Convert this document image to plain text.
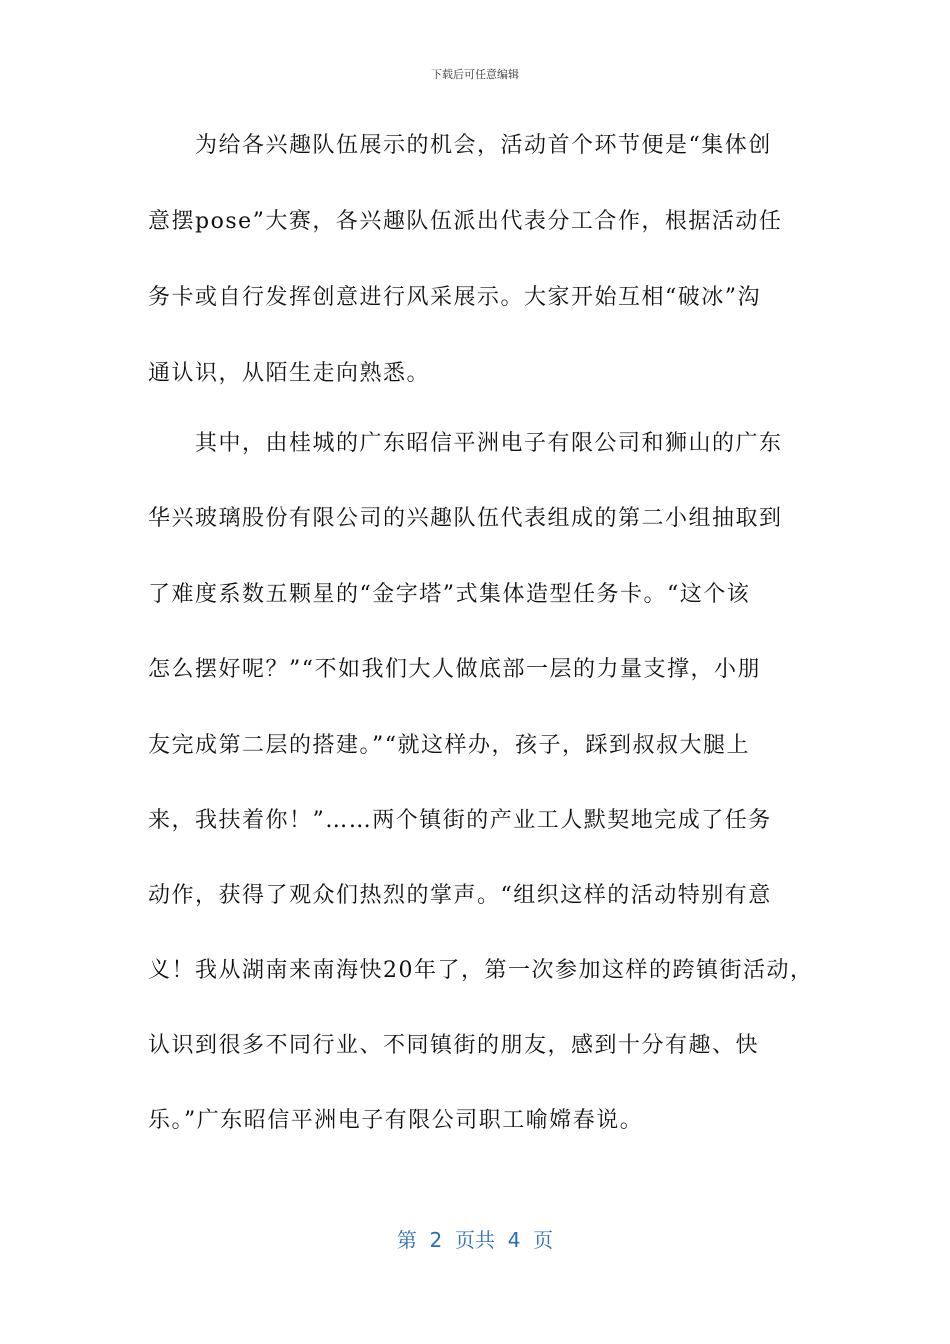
下载后可任意编辑
　　为给各兴趣队伍展示的机会，活动首个环节便是“集体创
意摆pose”大赛，各兴趣队伍派出代表分工合作，根据活动任
务卡或自行发挥创意进行风采展示。大家开始互相“破冰”沟
通认识，从陌生走向熟悉。
　　其中，由桂城的广东昭信平洲电子有限公司和狮山的广东
华兴玻璃股份有限公司的兴趣队伍代表组成的第二小组抽取到
了难度系数五颗星的“金字塔”式集体造型任务卡。“这个该
怎么摆好呢？”“不如我们大人做底部一层的力量支撑，小朋
友完成第二层的搭建。”“就这样办，孩子，踩到叔叔大腿上
来，我扶着你！”……两个镇街的产业工人默契地完成了任务
动作，获得了观众们热烈的掌声。“组织这样的活动特别有意
义！我从湖南来南海快20年了，第一次参加这样的跨镇街活动，
认识到很多不同行业、不同镇街的朋友，感到十分有趣、快
乐。”广东昭信平洲电子有限公司职工喻嫦春说。
第  2  页共  4  页
